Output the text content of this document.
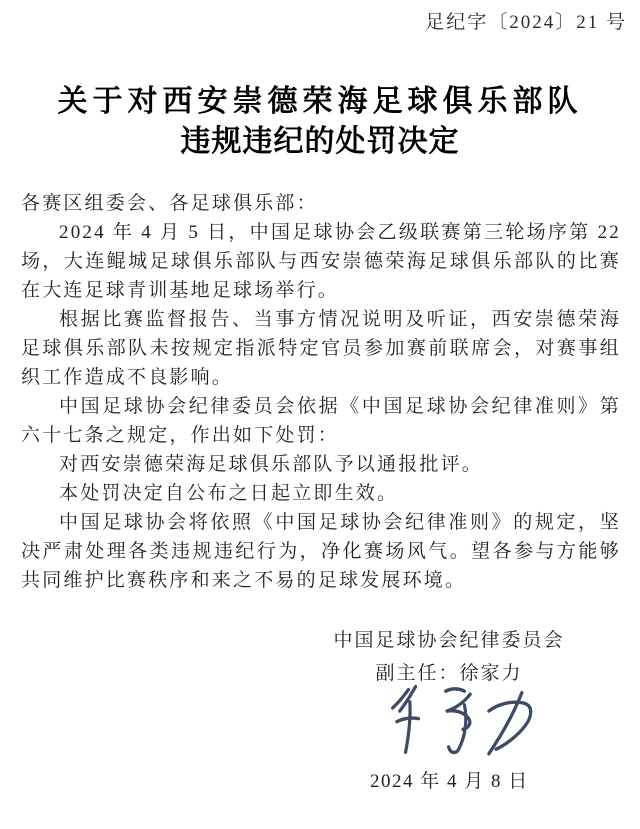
足纪字〔2024〕21 号
关于对西安崇德荣海足球俱乐部队
违规违纪的处罚决定

各赛区组委会、各足球俱乐部：

2024 年 4 月 5 日，中国足球协会乙级联赛第三轮场序第 22 场，大连鲲城足球俱乐部队与西安崇德荣海足球俱乐部队的比赛在大连足球青训基地足球场举行。

根据比赛监督报告、当事方情况说明及听证，西安崇德荣海足球俱乐部队未按规定指派特定官员参加赛前联席会，对赛事组织工作造成不良影响。

中国足球协会纪律委员会依据《中国足球协会纪律准则》第六十七条之规定，作出如下处罚：

对西安崇德荣海足球俱乐部队予以通报批评。

本处罚决定自公布之日起立即生效。

中国足球协会将依照《中国足球协会纪律准则》的规定，坚决严肃处理各类违规违纪行为，净化赛场风气。望各参与方能够共同维护比赛秩序和来之不易的足球发展环境。

中国足球协会纪律委员会
副主任：徐家力
2024 年 4 月 8 日
